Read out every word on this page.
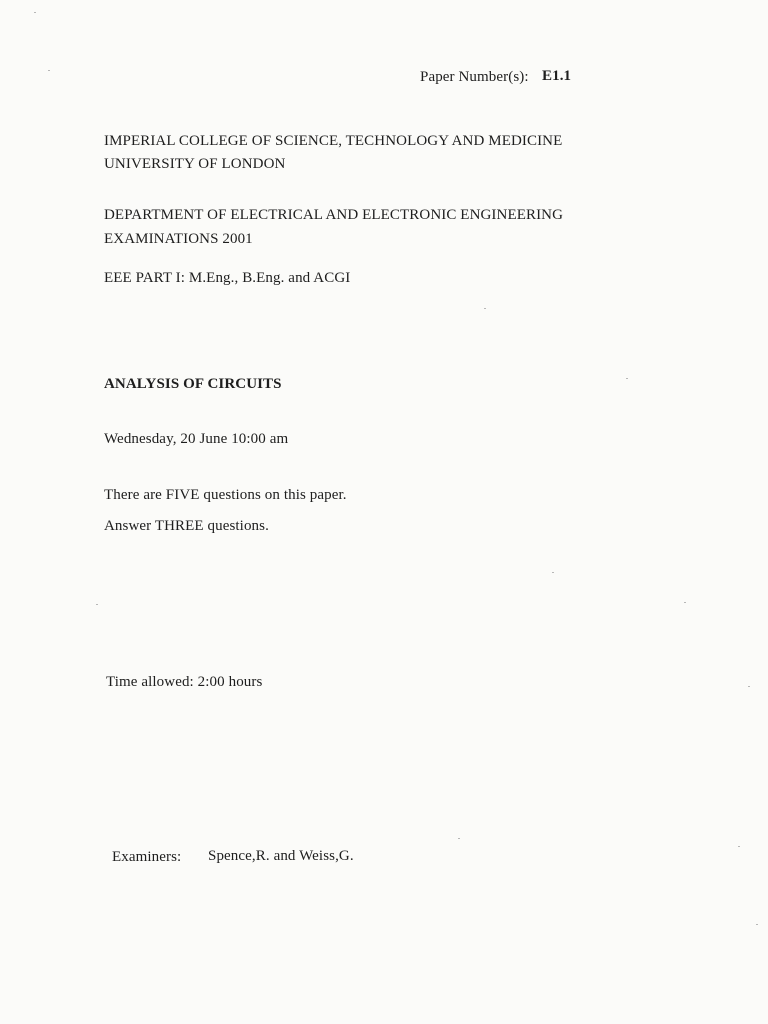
Paper Number(s): E1.1
IMPERIAL COLLEGE OF SCIENCE, TECHNOLOGY AND MEDICINE
UNIVERSITY OF LONDON
DEPARTMENT OF ELECTRICAL AND ELECTRONIC ENGINEERING
EXAMINATIONS 2001
EEE PART I: M.Eng., B.Eng. and ACGI
ANALYSIS OF CIRCUITS
Wednesday, 20 June 10:00 am
There are FIVE questions on this paper.
Answer THREE questions.
Time allowed: 2:00 hours
Examiners: Spence,R. and Weiss,G.
